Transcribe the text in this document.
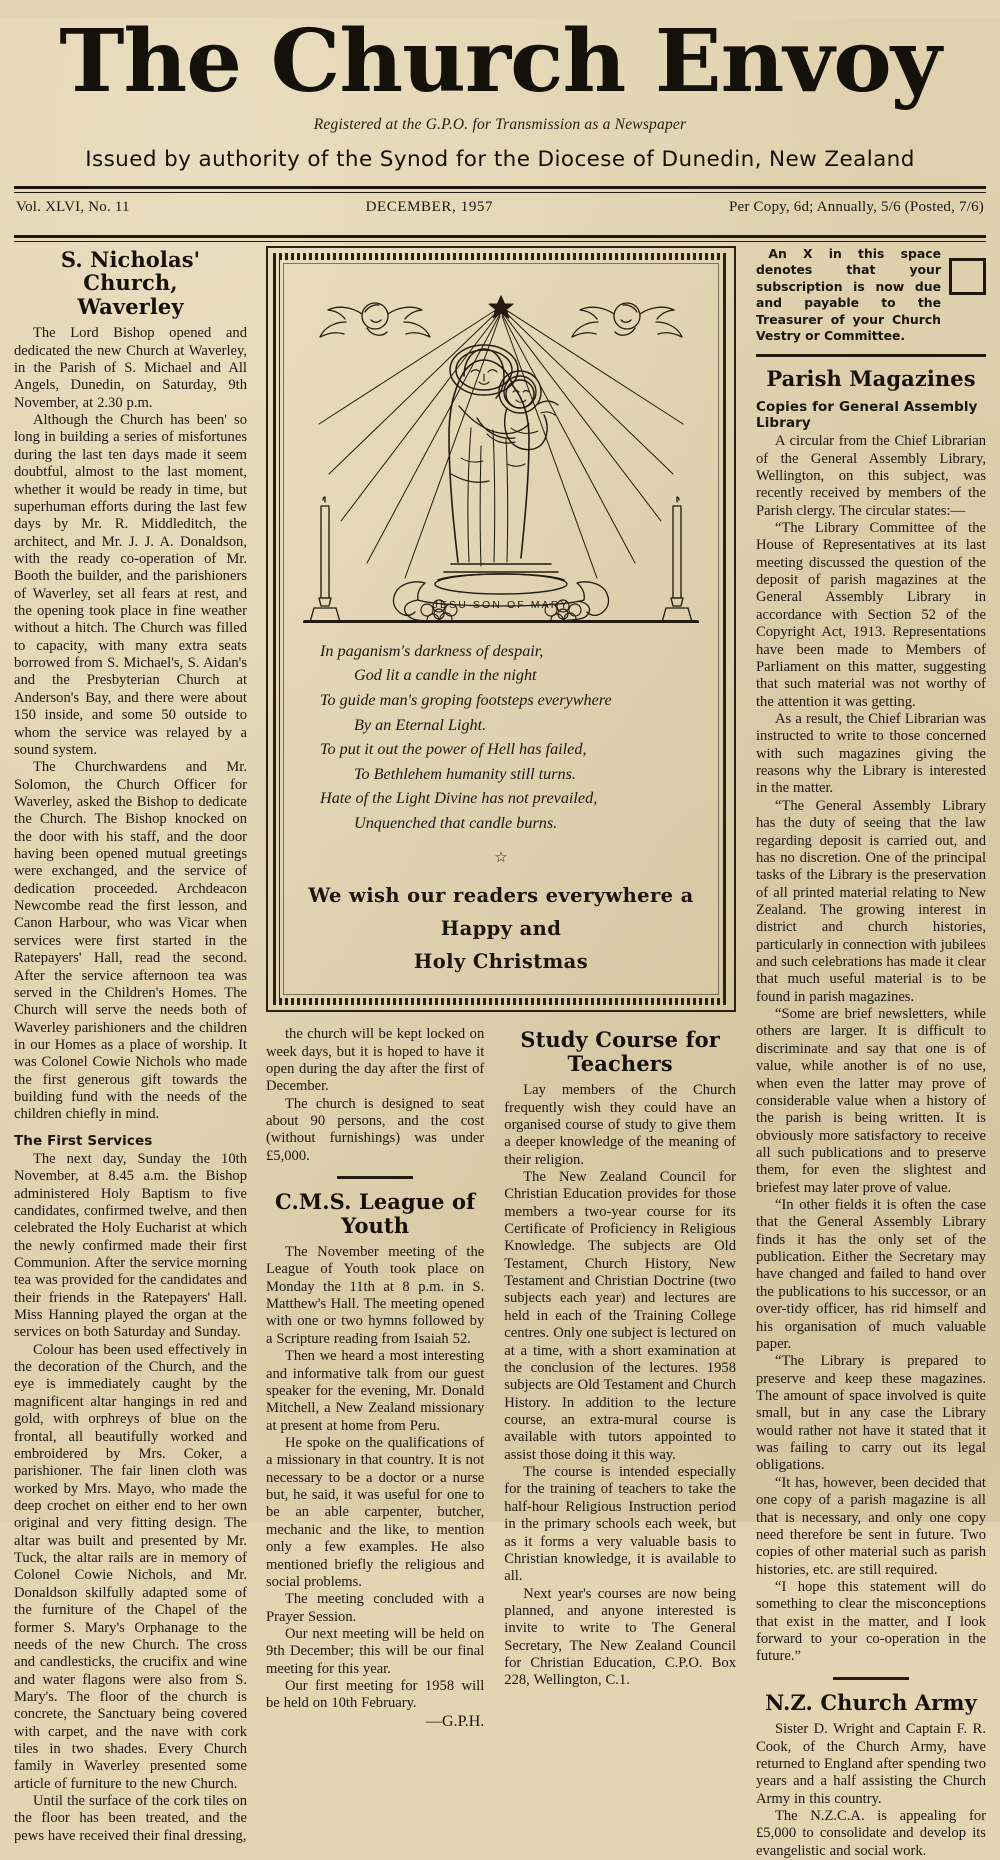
The Church Envoy
Registered at the G.P.O. for Transmission as a Newspaper
Issued by authority of the Synod for the Diocese of Dunedin, New Zealand
Vol. XLVI, No. 11	DECEMBER, 1957	Per Copy, 6d; Annually, 5/6 (Posted, 7/6)
S. Nicholas' Church,
Waverley

The Lord Bishop opened and dedicated the new Church at Waverley, in the Parish of S. Michael and All Angels, Dunedin, on Saturday, 9th November, at 2.30 p.m.

Although the Church has been' so long in building a series of misfortunes during the last ten days made it seem doubtful, almost to the last moment, whether it would be ready in time, but superhuman efforts during the last few days by Mr. R. Middleditch, the architect, and Mr. J. J. A. Donaldson, with the ready co-operation of Mr. Booth the builder, and the parishioners of Waverley, set all fears at rest, and the opening took place in fine weather without a hitch. The Church was filled to capacity, with many extra seats borrowed from S. Michael's, S. Aidan's and the Presbyterian Church at Anderson's Bay, and there were about 150 inside, and some 50 outside to whom the service was relayed by a sound system.

The Churchwardens and Mr. Solomon, the Church Officer for Waverley, asked the Bishop to dedicate the Church. The Bishop knocked on the door with his staff, and the door having been opened mutual greetings were exchanged, and the service of dedication proceeded. Archdeacon Newcombe read the first lesson, and Canon Harbour, who was Vicar when services were first started in the Ratepayers' Hall, read the second. After the service afternoon tea was served in the Children's Homes. The Church will serve the needs both of Waverley parishioners and the children in our Homes as a place of worship. It was Colonel Cowie Nichols who made the first generous gift towards the building fund with the needs of the children chiefly in mind.

The First Services

The next day, Sunday the 10th November, at 8.45 a.m. the Bishop administered Holy Baptism to five candidates, confirmed twelve, and then celebrated the Holy Eucharist at which the newly confirmed made their first Communion. After the service morning tea was provided for the candidates and their friends in the Ratepayers' Hall. Miss Hanning played the organ at the services on both Saturday and Sunday.

Colour has been used effectively in the decoration of the Church, and the eye is immediately caught by the magnificent altar hangings in red and gold, with orphreys of blue on the frontal, all beautifully worked and embroidered by Mrs. Coker, a parishioner. The fair linen cloth was worked by Mrs. Mayo, who made the deep crochet on either end to her own original and very fitting design. The altar was built and presented by Mr. Tuck, the altar rails are in memory of Colonel Cowie Nichols, and Mr. Donaldson skilfully adapted some of the furniture of the Chapel of the former S. Mary's Orphanage to the needs of the new Church. The cross and candlesticks, the crucifix and wine and water flagons were also from S. Mary's. The floor of the church is concrete, the Sanctuary being covered with carpet, and the nave with cork tiles in two shades. Every Church family in Waverley presented some article of furniture to the new Church.

Until the surface of the cork tiles on the floor has been treated, and the pews have received their final dressing,

JESU SON OF MARY
In paganism's darkness of despair,
God lit a candle in the night
To guide man's groping footsteps everywhere
By an Eternal Light.
To put it out the power of Hell has failed,
To Bethlehem humanity still turns.
Hate of the Light Divine has not prevailed,
Unquenched that candle burns.
☆
We wish our readers everywhere a Happy and
Holy Christmas

the church will be kept locked on week days, but it is hoped to have it open during the day after the first of December.

The church is designed to seat about 90 persons, and the cost (without furnishings) was under £5,000.

C.M.S. League of
Youth

The November meeting of the League of Youth took place on Monday the 11th at 8 p.m. in S. Matthew's Hall. The meeting opened with one or two hymns followed by a Scripture reading from Isaiah 52.

Then we heard a most interesting and informative talk from our guest speaker for the evening, Mr. Donald Mitchell, a New Zealand missionary at present at home from Peru.

He spoke on the qualifications of a missionary in that country. It is not necessary to be a doctor or a nurse but, he said, it was useful for one to be an able carpenter, butcher, mechanic and the like, to mention only a few examples. He also mentioned briefly the religious and social problems.

The meeting concluded with a Prayer Session.

Our next meeting will be held on 9th December; this will be our final meeting for this year.

Our first meeting for 1958 will be held on 10th February.

—G.P.H.
Study Course for
Teachers

Lay members of the Church frequently wish they could have an organised course of study to give them a deeper knowledge of the meaning of their religion.

The New Zealand Council for Christian Education provides for those members a two-year course for its Certificate of Proficiency in Religious Knowledge. The subjects are Old Testament, Church History, New Testament and Christian Doctrine (two subjects each year) and lectures are held in each of the Training College centres. Only one subject is lectured on at a time, with a short examination at the conclusion of the lectures. 1958 subjects are Old Testament and Church History. In addition to the lecture course, an extra-mural course is available with tutors appointed to assist those doing it this way.

The course is intended especially for the training of teachers to take the half-hour Religious Instruction period in the primary schools each week, but as it forms a very valuable basis to Christian knowledge, it is available to all.

Next year's courses are now being planned, and anyone interested is invite to write to The General Secretary, The New Zealand Council for Christian Education, C.P.O. Box 228, Wellington, C.1.

An X in this space denotes that your subscription is now due and payable to the Treasurer of your Church Vestry or Committee.
Parish Magazines
Copies for General Assembly Library

A circular from the Chief Librarian of the General Assembly Library, Wellington, on this subject, was recently received by members of the Parish clergy. The circular states:—

“The Library Committee of the House of Representatives at its last meeting discussed the question of the deposit of parish magazines at the General Assembly Library in accordance with Section 52 of the Copyright Act, 1913. Representations have been made to Members of Parliament on this matter, suggesting that such material was not worthy of the attention it was getting.

As a result, the Chief Librarian was instructed to write to those concerned with such magazines giving the reasons why the Library is interested in the matter.

“The General Assembly Library has the duty of seeing that the law regarding deposit is carried out, and has no discretion. One of the principal tasks of the Library is the preservation of all printed material relating to New Zealand. The growing interest in district and church histories, particularly in connection with jubilees and such celebrations has made it clear that much useful material is to be found in parish magazines.

“Some are brief newsletters, while others are larger. It is difficult to discriminate and say that one is of value, while another is of no use, when even the latter may prove of considerable value when a history of the parish is being written. It is obviously more satisfactory to receive all such publications and to preserve them, for even the slightest and briefest may later prove of value.

“In other fields it is often the case that the General Assembly Library finds it has the only set of the publication. Either the Secretary may have changed and failed to hand over the publications to his successor, or an over-tidy officer, has rid himself and his organisation of much valuable paper.

“The Library is prepared to preserve and keep these magazines. The amount of space involved is quite small, but in any case the Library would rather not have it stated that it was failing to carry out its legal obligations.

“It has, however, been decided that one copy of a parish magazine is all that is necessary, and only one copy need therefore be sent in future. Two copies of other material such as parish histories, etc. are still required.

“I hope this statement will do something to clear the misconceptions that exist in the matter, and I look forward to your co-operation in the future.”

N.Z. Church Army

Sister D. Wright and Captain F. R. Cook, of the Church Army, have returned to England after spending two years and a half assisting the Church Army in this country.

The N.Z.C.A. is appealing for £5,000 to consolidate and develop its evangelistic and social work.
